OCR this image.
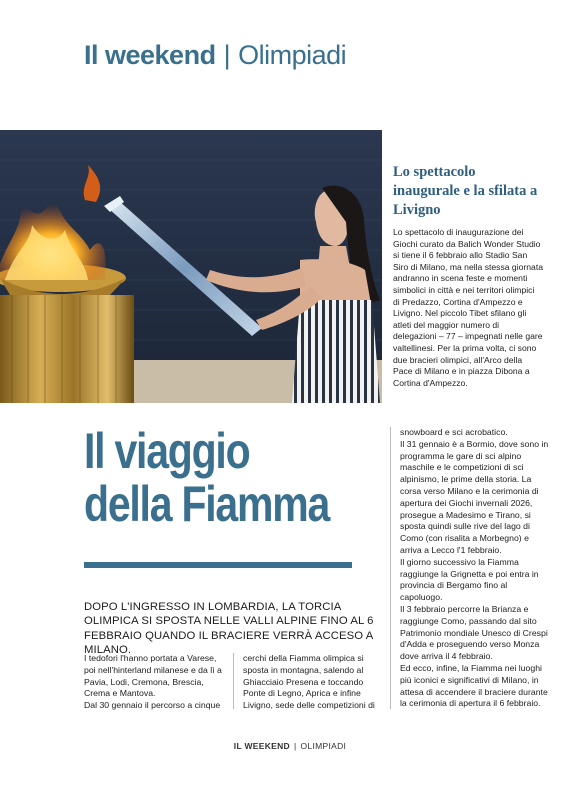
Il weekend | Olimpiadi
Lo spettacolo inaugurale e la sfilata a Livigno

Lo spettacolo di inaugurazione dei Giochi curato da Balich Wonder Studio si tiene il 6 febbraio allo Stadio San Siro di Milano, ma nella stessa giornata andranno in scena feste e momenti simbolici in città e nei territori olimpici di Predazzo, Cortina d'Ampezzo e Livigno. Nel piccolo Tibet sfilano gli atleti del maggior numero di delegazioni – 77 – impegnati nelle gare valtellinesi. Per la prima volta, ci sono due bracieri olimpici, all'Arco della Pace di Milano e in piazza Dibona a Cortina d'Ampezzo.

Il viaggio
della Fiamma
DOPO L'INGRESSO IN LOMBARDIA, LA TORCIA OLIMPICA SI SPOSTA NELLE VALLI ALPINE FINO AL 6 FEBBRAIO QUANDO IL BRACIERE VERRÀ ACCESO A MILANO.

I tedofori l'hanno portata a Varese, poi nell'hinterland milanese e da lì a Pavia, Lodi, Cremona, Brescia, Crema e Mantova.

Dal 30 gennaio il percorso a cinque

cerchi della Fiamma olimpica si sposta in montagna, salendo al Ghiacciaio Presena e toccando Ponte di Legno, Aprica e infine Livigno, sede delle competizioni di

snowboard e sci acrobatico.

Il 31 gennaio è a Bormio, dove sono in programma le gare di sci alpino maschile e le competizioni di sci alpinismo, le prime della storia. La corsa verso Milano e la cerimonia di apertura dei Giochi invernali 2026, prosegue a Madesimo e Tirano, si sposta quindi sulle rive del lago di Como (con risalita a Morbegno) e arriva a Lecco l'1 febbraio.

Il giorno successivo la Fiamma raggiunge la Grignetta e poi entra in provincia di Bergamo fino al capoluogo.

Il 3 febbraio percorre la Brianza e raggiunge Como, passando dal sito Patrimonio mondiale Unesco di Crespi d'Adda e proseguendo verso Monza dove arriva il 4 febbraio.

Ed ecco, infine, la Fiamma nei luoghi più iconici e significativi di Milano, in attesa di accendere il braciere durante la cerimonia di apertura il 6 febbraio.

IL WEEKEND | OLIMPIADI
